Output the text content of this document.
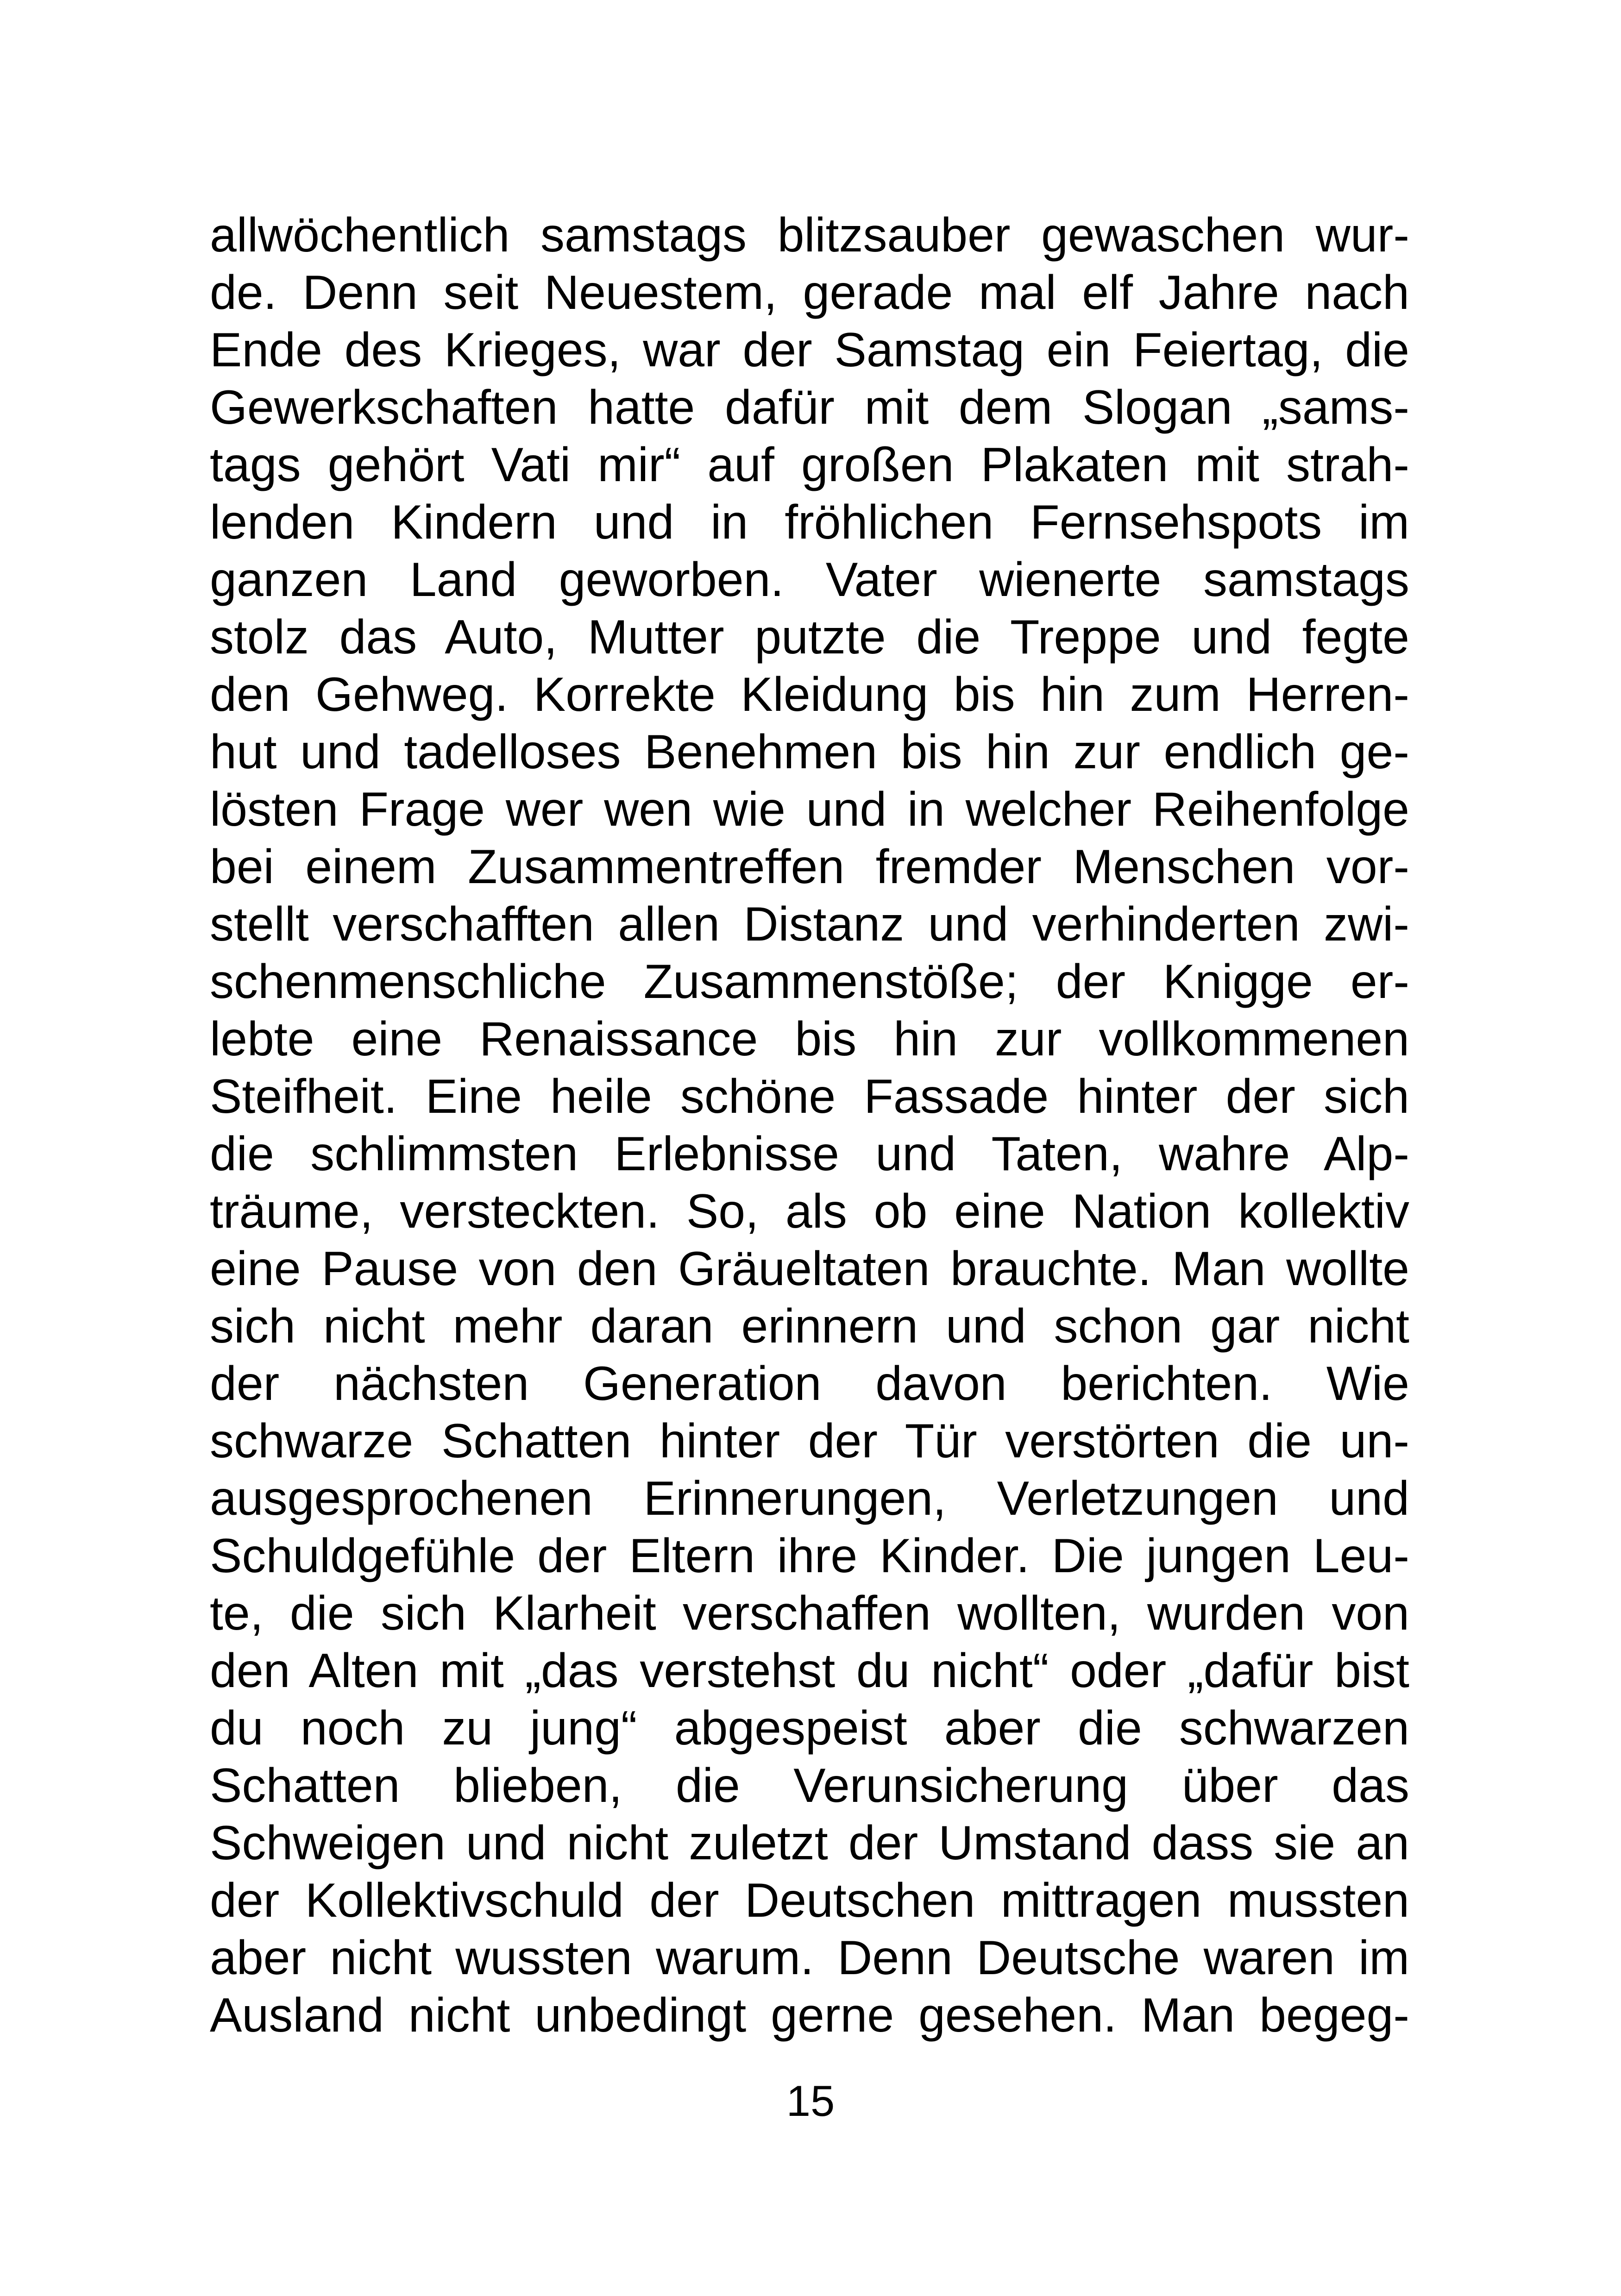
allwöchentlich samstags blitzsauber gewaschen wur-
de. Denn seit Neuestem, gerade mal elf Jahre nach
Ende des Krieges, war der Samstag ein Feiertag, die
Gewerkschaften hatte dafür mit dem Slogan „sams-
tags gehört Vati mir“ auf großen Plakaten mit strah-
lenden Kindern und in fröhlichen Fernsehspots im
ganzen Land geworben. Vater wienerte samstags
stolz das Auto, Mutter putzte die Treppe und fegte
den Gehweg. Korrekte Kleidung bis hin zum Herren-
hut und tadelloses Benehmen bis hin zur endlich ge-
lösten Frage wer wen wie und in welcher Reihenfolge
bei einem Zusammentreffen fremder Menschen vor-
stellt verschafften allen Distanz und verhinderten zwi-
schenmenschliche Zusammenstöße; der Knigge er-
lebte eine Renaissance bis hin zur vollkommenen
Steifheit. Eine heile schöne Fassade hinter der sich
die schlimmsten Erlebnisse und Taten, wahre Alp-
träume, versteckten. So, als ob eine Nation kollektiv
eine Pause von den Gräueltaten brauchte. Man wollte
sich nicht mehr daran erinnern und schon gar nicht
der nächsten Generation davon berichten. Wie
schwarze Schatten hinter der Tür verstörten die un-
ausgesprochenen Erinnerungen, Verletzungen und
Schuldgefühle der Eltern ihre Kinder. Die jungen Leu-
te, die sich Klarheit verschaffen wollten, wurden von
den Alten mit „das verstehst du nicht“ oder „dafür bist
du noch zu jung“ abgespeist aber die schwarzen
Schatten blieben, die Verunsicherung über das
Schweigen und nicht zuletzt der Umstand dass sie an
der Kollektivschuld der Deutschen mittragen mussten
aber nicht wussten warum. Denn Deutsche waren im
Ausland nicht unbedingt gerne gesehen. Man begeg-
15
